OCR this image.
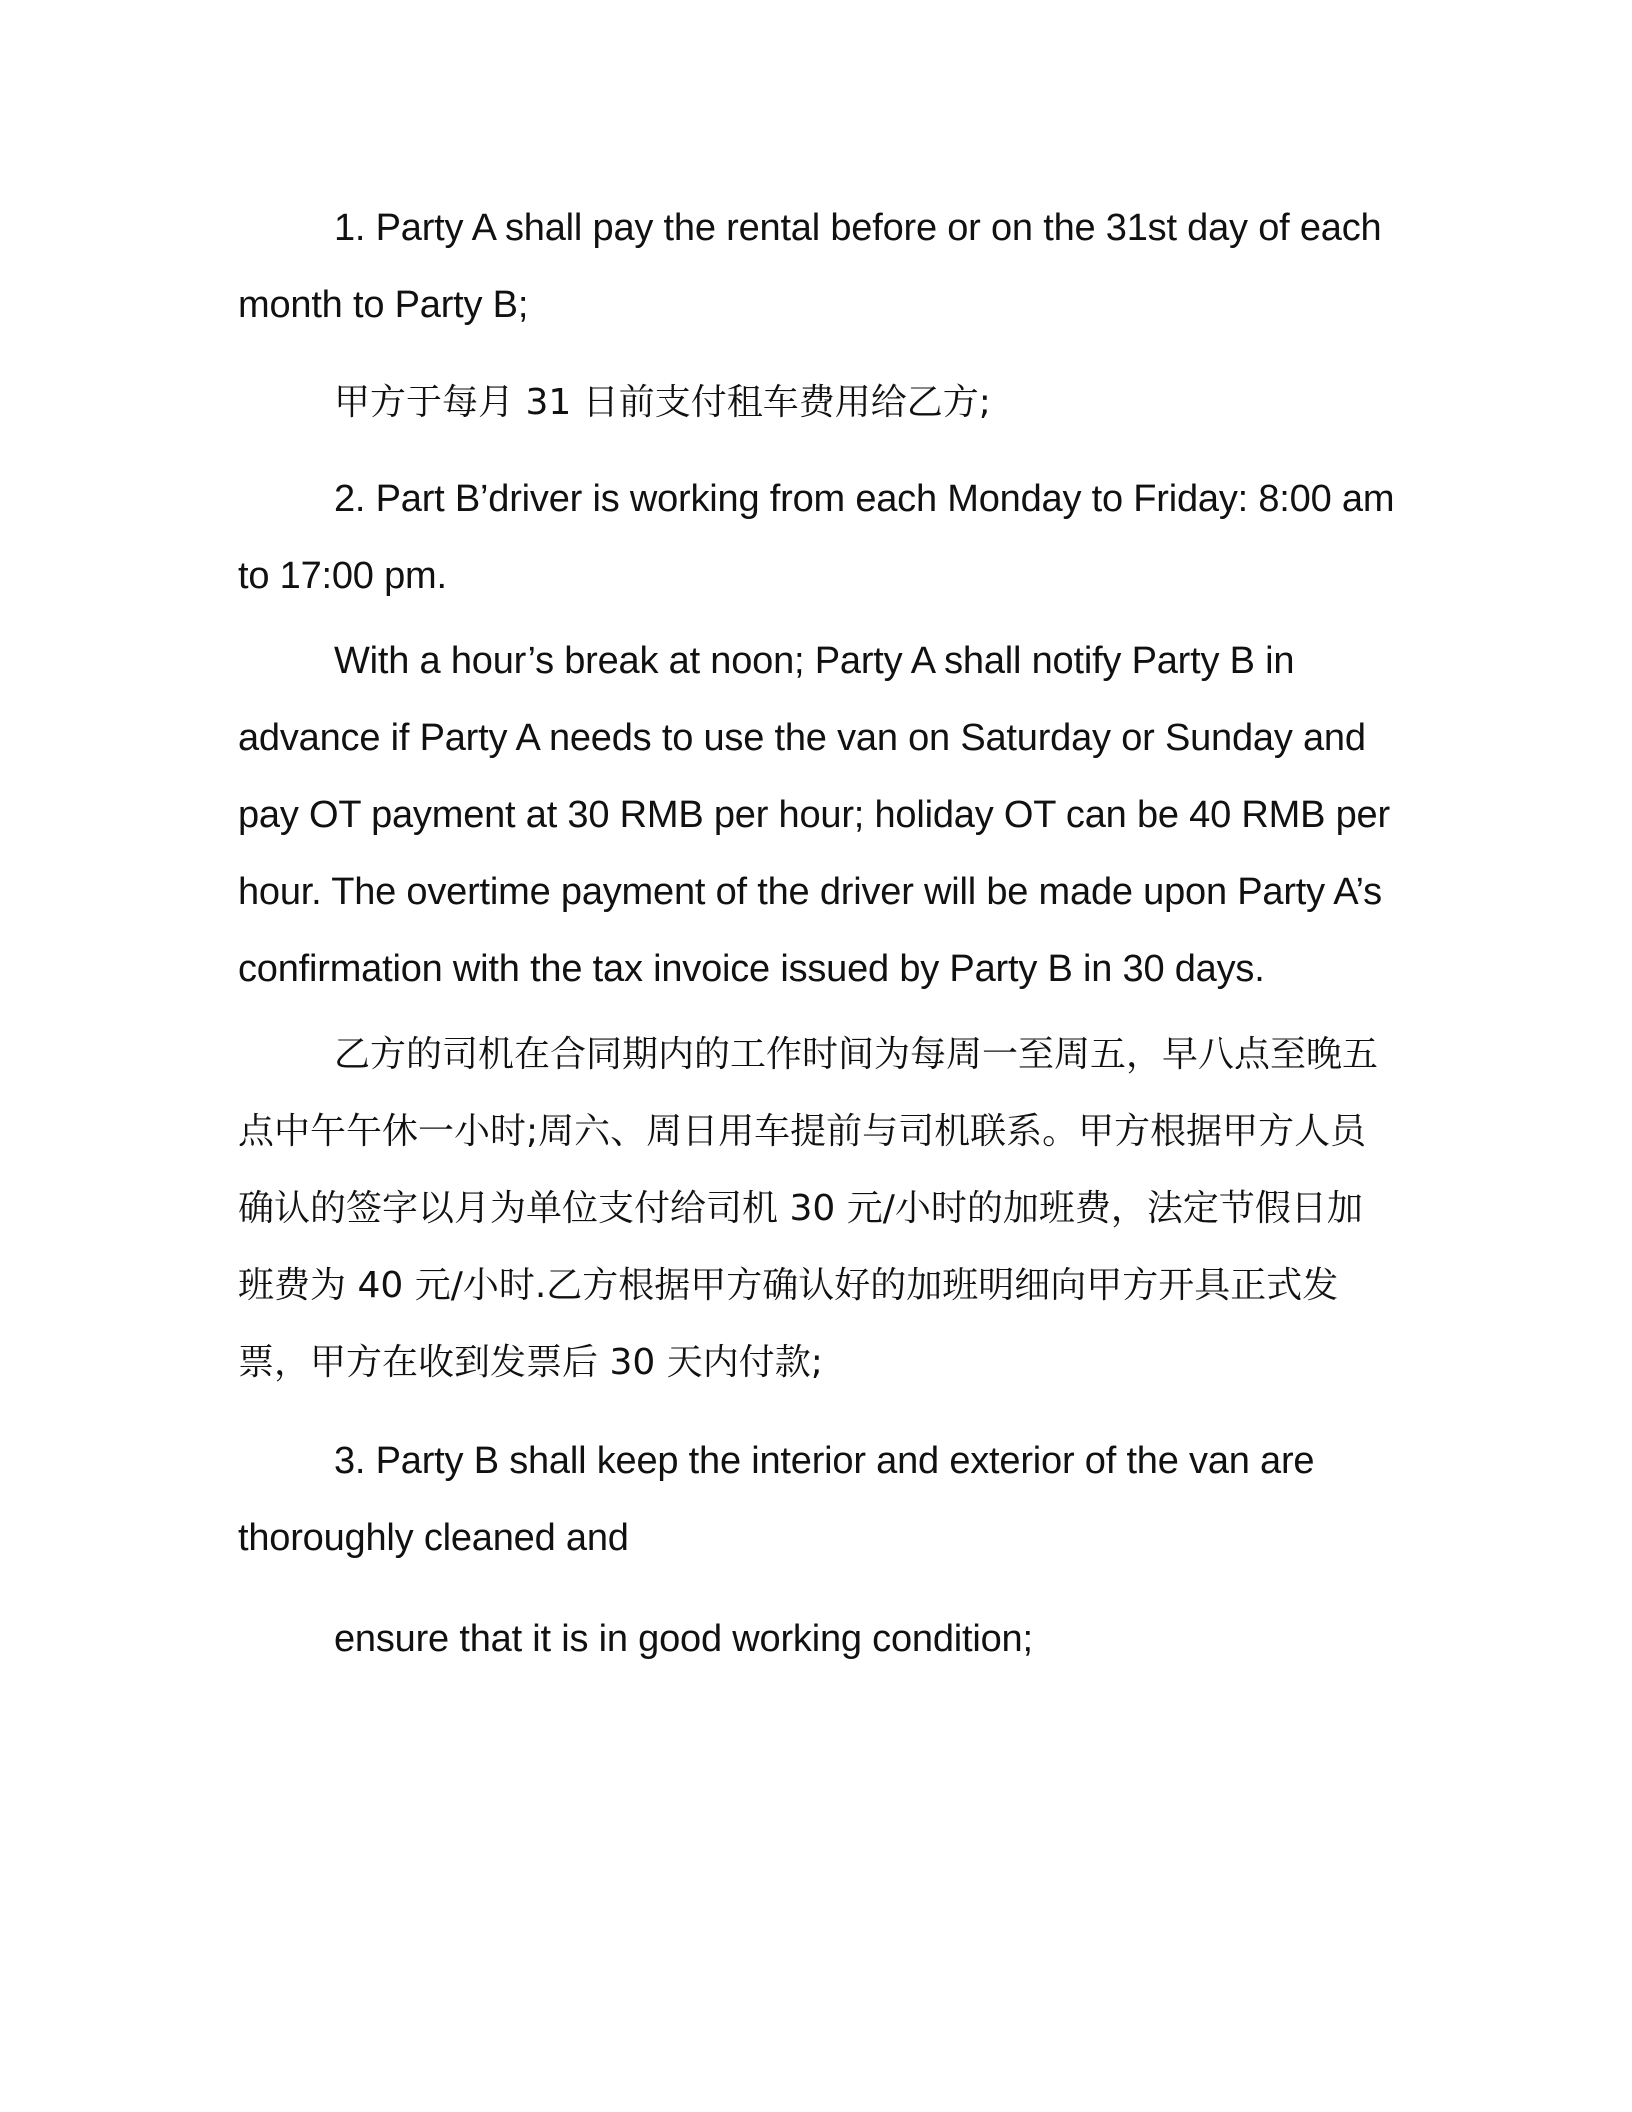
1. Party A shall pay the rental before or on the 31st day of each month to Party B;

甲方于每月 31 日前支付租车费用给乙方;

2. Part B’driver is working from each Monday to Friday: 8:00 am to 17:00 pm.

With a hour’s break at noon; Party A shall notify Party B in advance if Party A needs to use the van on Saturday or Sunday and pay OT payment at 30 RMB per hour; holiday OT can be 40 RMB per hour. The overtime payment of the driver will be made upon Party A’s confirmation with the tax invoice issued by Party B in 30 days.

乙方的司机在合同期内的工作时间为每周一至周五，早八点至晚五点中午午休一小时;周六、周日用车提前与司机联系。甲方根据甲方人员确认的签字以月为单位支付给司机 30 元/小时的加班费，法定节假日加班费为 40 元/小时.乙方根据甲方确认好的加班明细向甲方开具正式发票，甲方在收到发票后 30 天内付款;

3. Party B shall keep the interior and exterior of the van are thoroughly cleaned and

ensure that it is in good working condition;
